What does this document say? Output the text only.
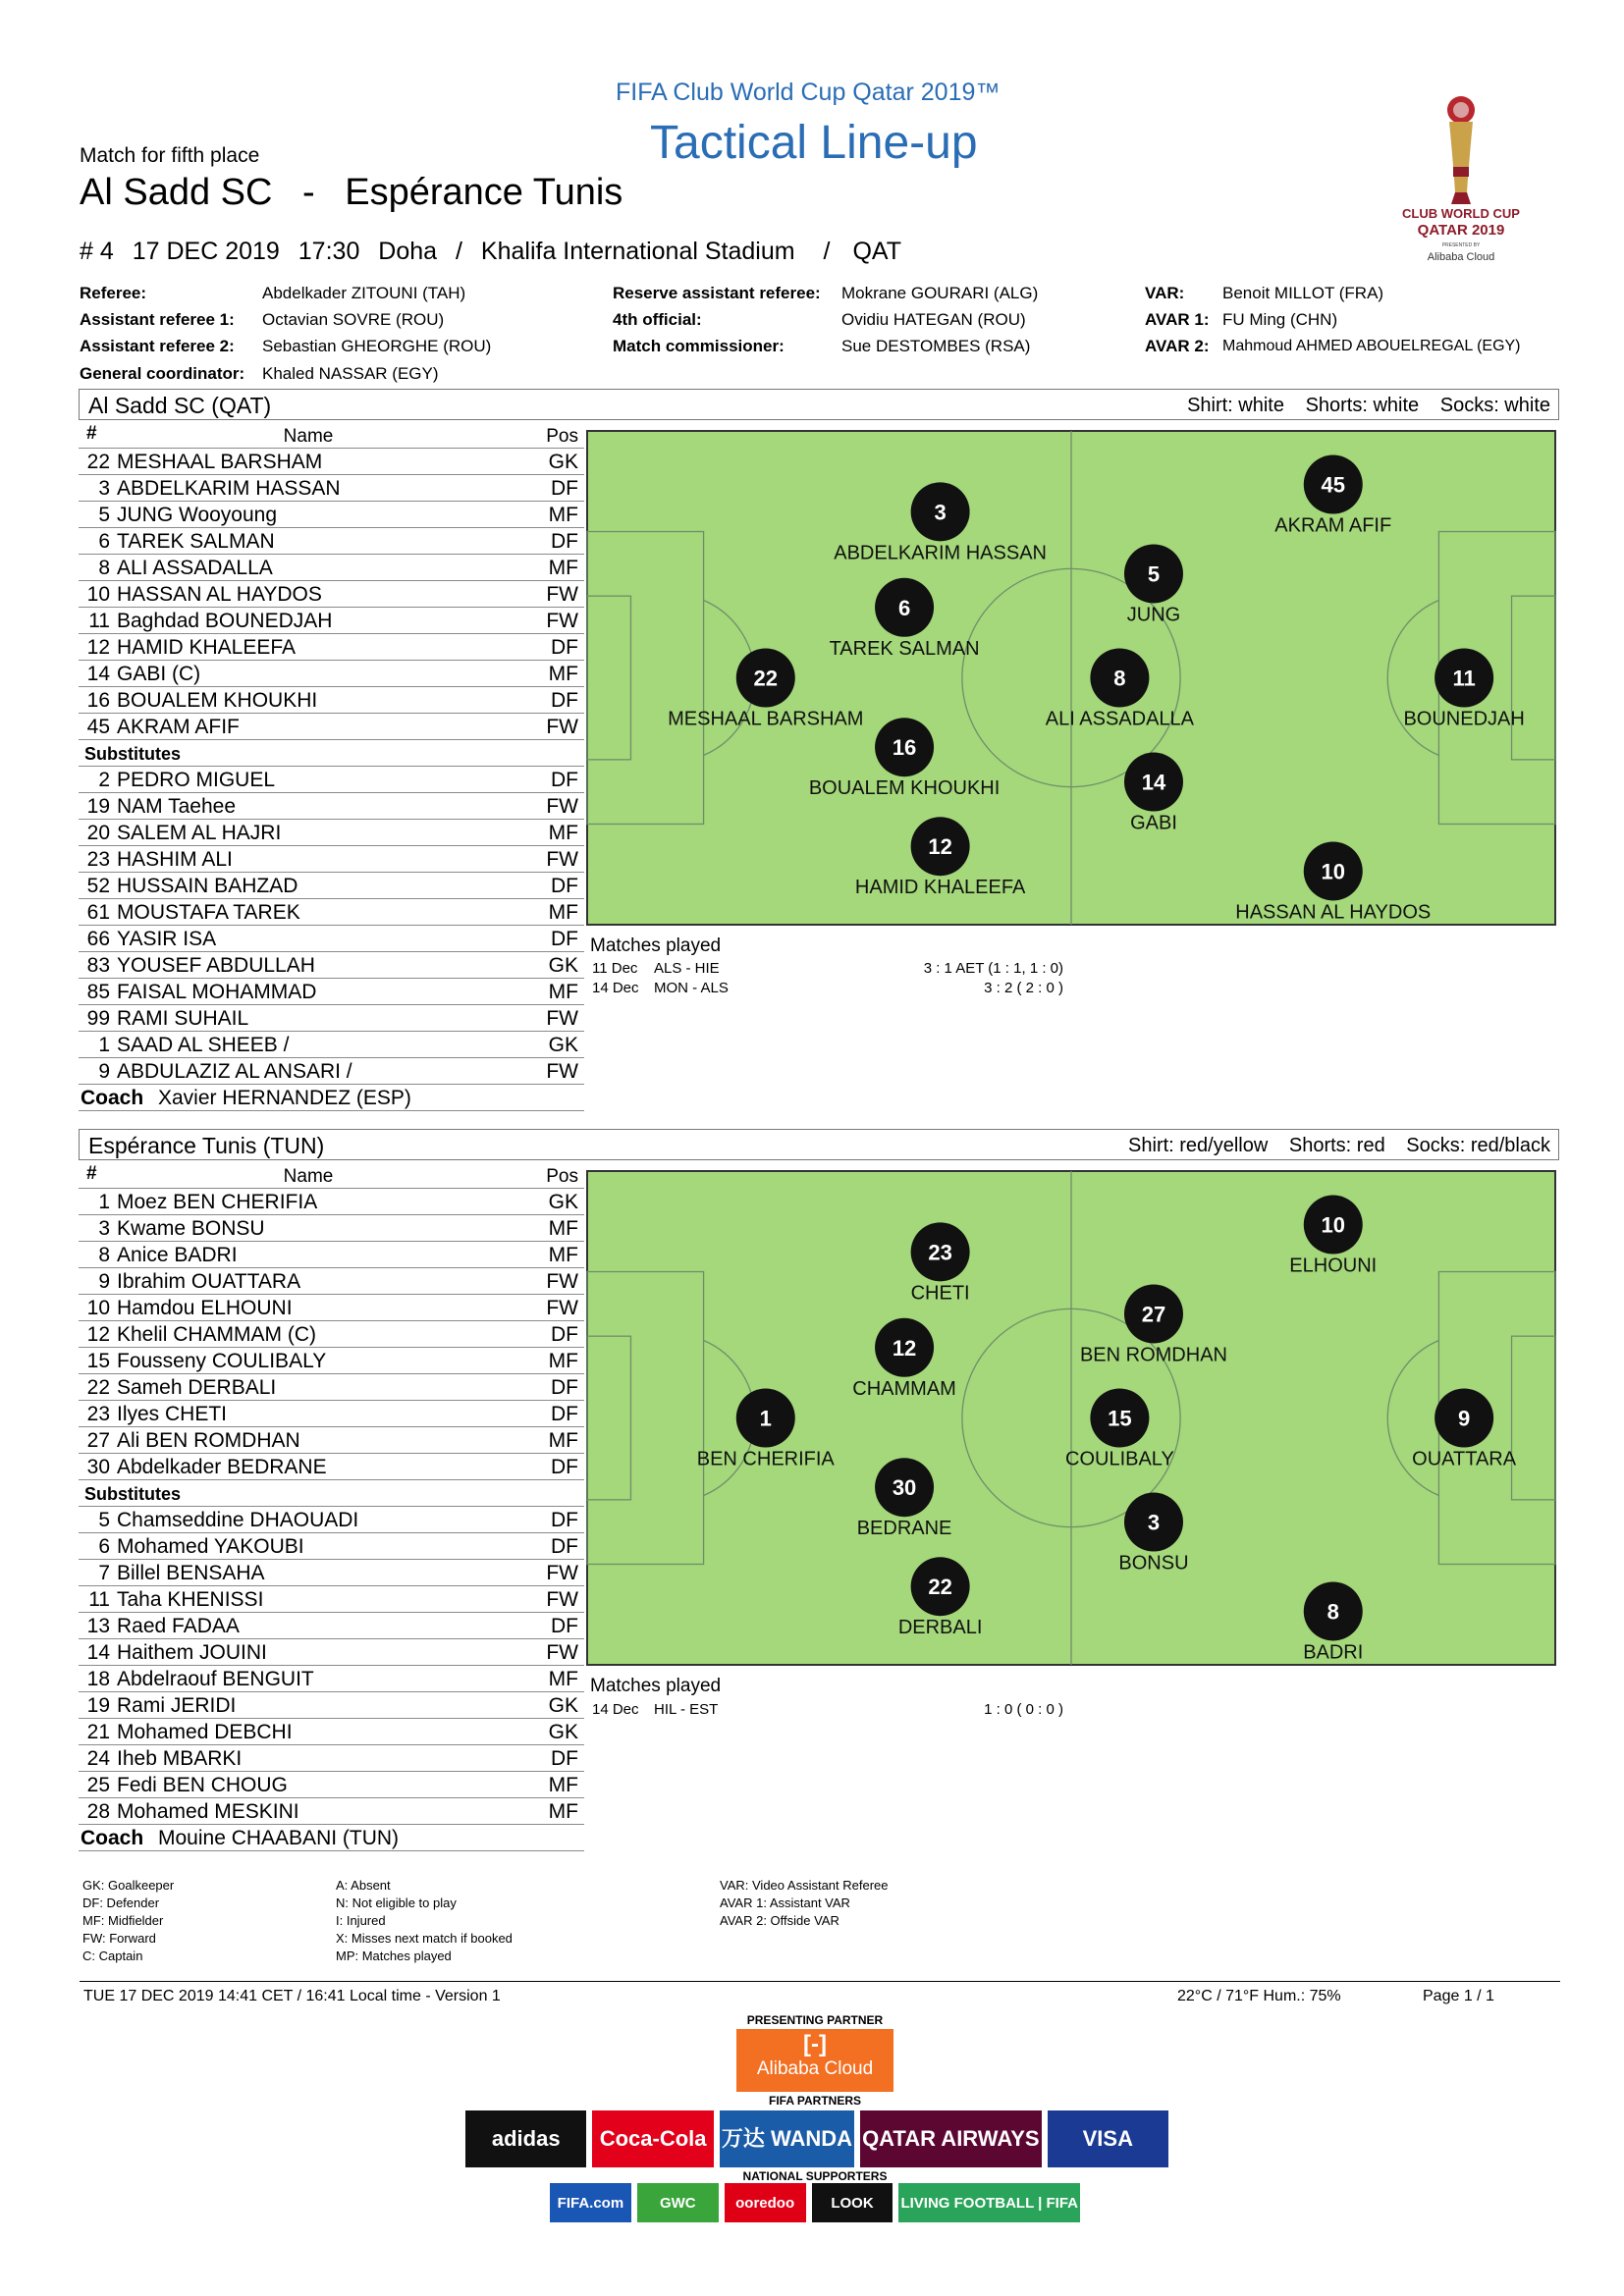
FIFA Club World Cup Qatar 2019™
Tactical Line-up
Match for fifth place
Al Sadd SC - Espérance Tunis
# 4 17 DEC 2019 17:30 Doha / Khalifa International Stadium / QAT
CLUB WORLD CUP
QATAR 2019
PRESENTED BY
Alibaba Cloud
Referee:	Abdelkader ZITOUNI (TAH)
Assistant referee 1: Octavian SOVRE (ROU)
Assistant referee 2: Sebastian GHEORGHE (ROU)
General coordinator: Khaled NASSAR (EGY)
Reserve assistant referee: Mokrane GOURARI (ALG)
4th official:	Ovidiu HATEGAN (ROU)
Match commissioner:	Sue DESTOMBES (RSA)
VAR: Benoit MILLOT (FRA)
AVAR 1: FU Ming (CHN)
AVAR 2: Mahmoud AHMED ABOUELREGAL (EGY)
Al Sadd SC (QAT)	Shirt: white Shorts: white Socks: white
#	Name	Pos
22 MESHAAL BARSHAM	GK
3 ABDELKARIM HASSAN	DF
5 JUNG Wooyoung	MF
6 TAREK SALMAN	DF
8 ALI ASSADALLA	MF
10 HASSAN AL HAYDOS	FW
11 Baghdad BOUNEDJAH	FW
12 HAMID KHALEEFA	DF
14 GABI (C)	MF
16 BOUALEM KHOUKHI	DF
45 AKRAM AFIF	FW
Substitutes
2 PEDRO MIGUEL	DF
19 NAM Taehee	FW
20 SALEM AL HAJRI	MF
23 HASHIM ALI	FW
52 HUSSAIN BAHZAD	DF
61 MOUSTAFA TAREK	MF
66 YASIR ISA	DF
83 YOUSEF ABDULLAH	GK
85 FAISAL MOHAMMAD	MF
99 RAMI SUHAIL	FW
1 SAAD AL SHEEB /	GK
9 ABDULAZIZ AL ANSARI /	FW
Coach Xavier HERNANDEZ (ESP)
22
MESHAAL BARSHAM
3
ABDELKARIM HASSAN
6
TAREK SALMAN
16
BOUALEM KHOUKHI
12
HAMID KHALEEFA
5
JUNG
8
ALI ASSADALLA
14
GABI
45
AKRAM AFIF
11
BOUNEDJAH
10
HASSAN AL HAYDOS
Matches played
Espérance Tunis (TUN)	Shirt: red/yellow Shorts: red Socks: red/black
#	Name	Pos
1 Moez BEN CHERIFIA	GK
3 Kwame BONSU	MF
8 Anice BADRI	MF
9 Ibrahim OUATTARA	FW
10 Hamdou ELHOUNI	FW
12 Khelil CHAMMAM (C)	DF
15 Fousseny COULIBALY	MF
22 Sameh DERBALI	DF
23 Ilyes CHETI	DF
27 Ali BEN ROMDHAN	MF
30 Abdelkader BEDRANE	DF
Substitutes
5 Chamseddine DHAOUADI	DF
6 Mohamed YAKOUBI	DF
7 Billel BENSAHA	FW
11 Taha KHENISSI	FW
13 Raed FADAA	DF
14 Haithem JOUINI	FW
18 Abdelraouf BENGUIT	MF
19 Rami JERIDI	GK
21 Mohamed DEBCHI	GK
24 Iheb MBARKI	DF
25 Fedi BEN CHOUG	MF
28 Mohamed MESKINI	MF
Coach Mouine CHAABANI (TUN)
1
BEN CHERIFIA
23
CHETI
12
CHAMMAM
30
BEDRANE
22
DERBALI
27
BEN ROMDHAN
15
COULIBALY
3
BONSU
10
ELHOUNI
9
OUATTARA
8
BADRI
Matches played
GK: Goalkeeper
DF: Defender
MF: Midfielder
FW: Forward
C: Captain
A: Absent
N: Not eligible to play
I: Injured
X: Misses next match if booked
MP: Matches played
VAR: Video Assistant Referee
AVAR 1: Assistant VAR
AVAR 2: Offside VAR
TUE 17 DEC 2019 14:41 CET / 16:41 Local time - Version 1	22°C / 71°F Hum.: 75%	Page 1 / 1
PRESENTING PARTNER
[-]
Alibaba Cloud
FIFA PARTNERS
adidas Coca-Cola 万达 WANDA QATAR AIRWAYS VISA
NATIONAL SUPPORTERS
FIFA.com GWC	ooredoo LOOK LIVING FOOTBALL | FIFA
11 Dec ALS - HIE	3 : 1 AET (1 : 1, 1 : 0)
14 Dec MON - ALS	3 : 2 ( 2 : 0 )
14 Dec HIL - EST	1 : 0 ( 0 : 0 )
